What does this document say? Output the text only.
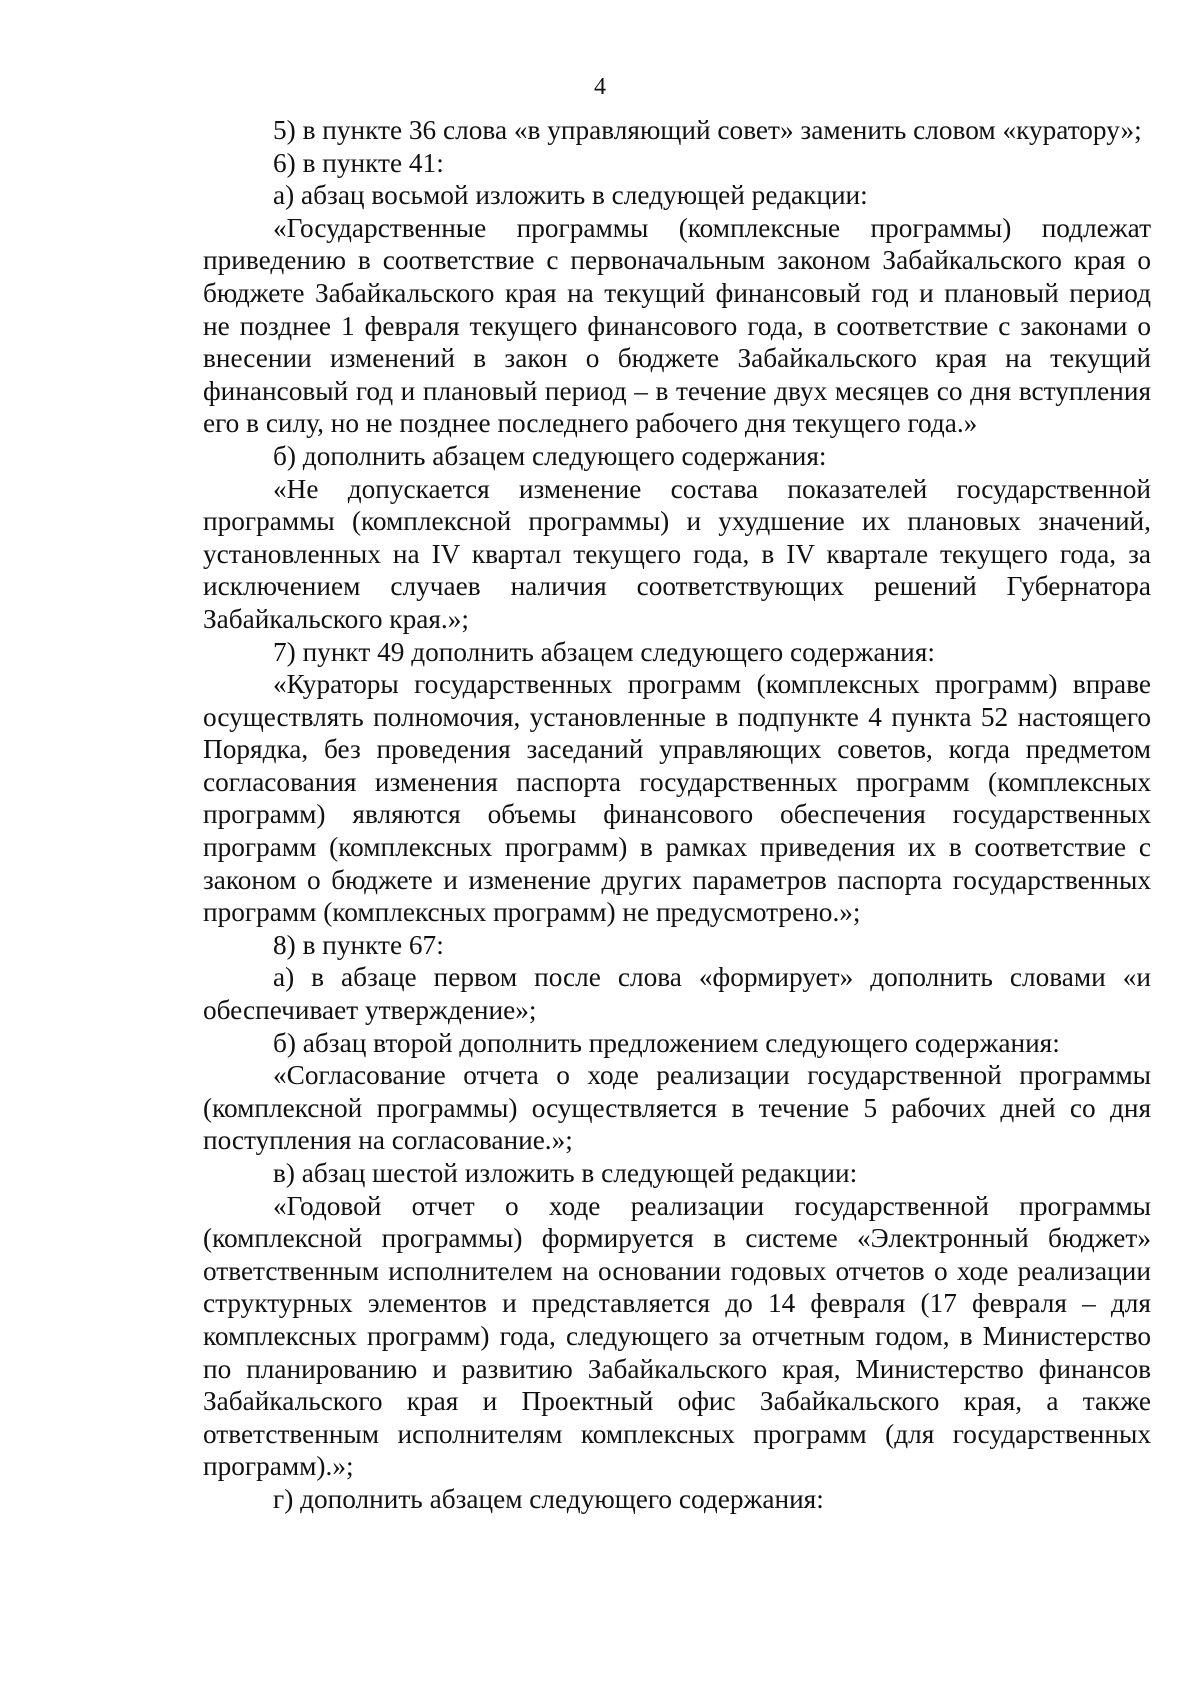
4

5) в пункте 36 слова «в управляющий совет» заменить словом «куратору»;

6) в пункте 41:

а) абзац восьмой изложить в следующей редакции:

«Государственные программы (комплексные программы) подлежат приведению в соответствие с первоначальным законом Забайкальского края о бюджете Забайкальского края на текущий финансовый год и плановый период не позднее 1 февраля текущего финансового года, в соответствие с законами о внесении изменений в закон о бюджете Забайкальского края на текущий финансовый год и плановый период – в течение двух месяцев со дня вступления его в силу, но не позднее последнего рабочего дня текущего года.»

б) дополнить абзацем следующего содержания:

«Не допускается изменение состава показателей государственной программы (комплексной программы) и ухудшение их плановых значений, установленных на IV квартал текущего года, в IV квартале текущего года, за исключением случаев наличия соответствующих решений Губернатора Забайкальского края.»;

7) пункт 49 дополнить абзацем следующего содержания:

«Кураторы государственных программ (комплексных программ) вправе осуществлять полномочия, установленные в подпункте 4 пункта 52 настоящего Порядка, без проведения заседаний управляющих советов, когда предметом согласования изменения паспорта государственных программ (комплексных программ) являются объемы финансового обеспечения государственных программ (комплексных программ) в рамках приведения их в соответствие с законом о бюджете и изменение других параметров паспорта государственных программ (комплексных программ) не предусмотрено.»;

8) в пункте 67:

а) в абзаце первом после слова «формирует» дополнить словами «и обеспечивает утверждение»;

б) абзац второй дополнить предложением следующего содержания:

«Согласование отчета о ходе реализации государственной программы (комплексной программы) осуществляется в течение 5 рабочих дней со дня поступления на согласование.»;

в) абзац шестой изложить в следующей редакции:

«Годовой отчет о ходе реализации государственной программы (комплексной программы) формируется в системе «Электронный бюджет» ответственным исполнителем на основании годовых отчетов о ходе реализации структурных элементов и представляется до 14 февраля (17 февраля – для комплексных программ) года, следующего за отчетным годом, в Министерство по планированию и развитию Забайкальского края, Министерство финансов Забайкальского края и Проектный офис Забайкальского края, а также ответственным исполнителям комплексных программ (для государственных программ).»;

г) дополнить абзацем следующего содержания:
